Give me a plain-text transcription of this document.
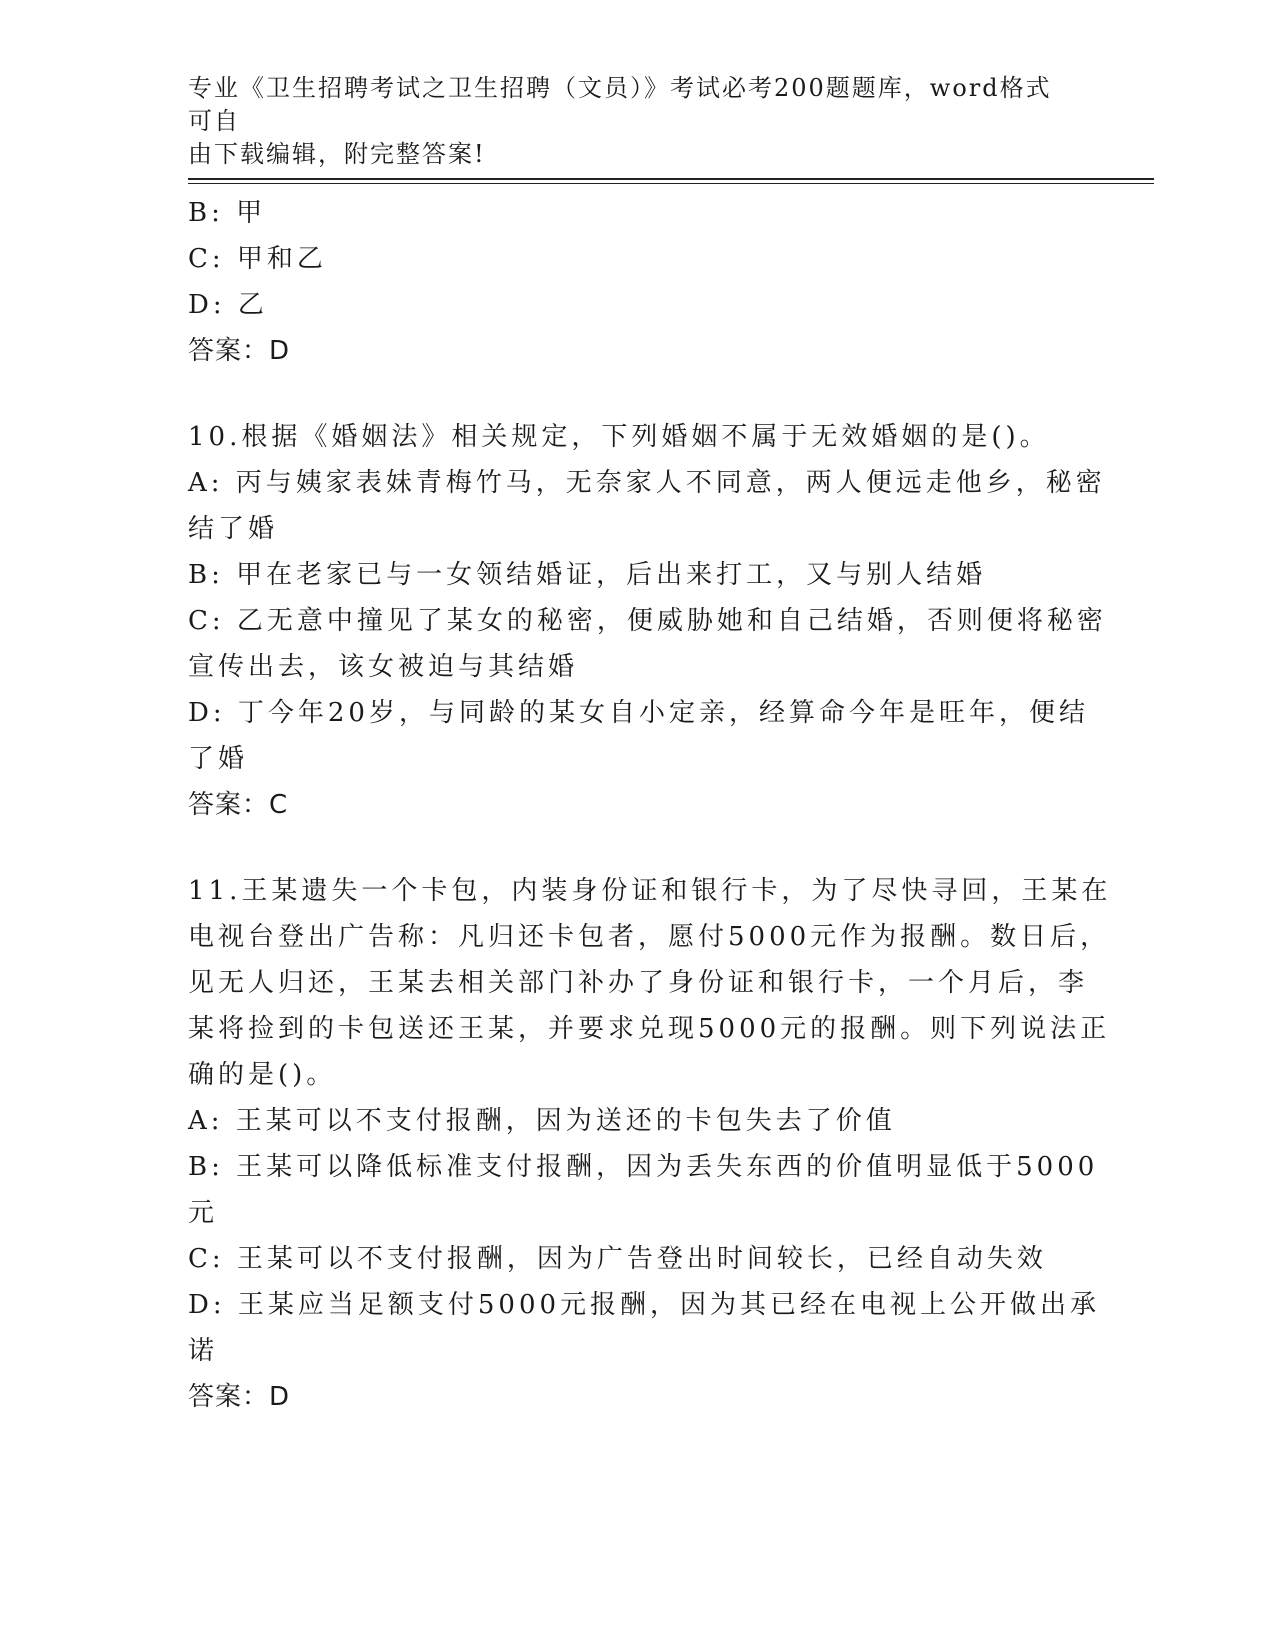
专业《卫生招聘考试之卫生招聘（文员）》考试必考200题题库，word格式可自
由下载编辑，附完整答案!
B: 甲
C: 甲和乙
D: 乙
答案：D
10.根据《婚姻法》相关规定，下列婚姻不属于无效婚姻的是()。
A: 丙与姨家表妹青梅竹马，无奈家人不同意，两人便远走他乡，秘密
结了婚
B: 甲在老家已与一女领结婚证，后出来打工，又与别人结婚
C: 乙无意中撞见了某女的秘密，便威胁她和自己结婚，否则便将秘密
宣传出去，该女被迫与其结婚
D: 丁今年20岁，与同龄的某女自小定亲，经算命今年是旺年，便结
了婚
答案：C
11.王某遗失一个卡包，内装身份证和银行卡，为了尽快寻回，王某在
电视台登出广告称：凡归还卡包者，愿付5000元作为报酬。数日后，
见无人归还，王某去相关部门补办了身份证和银行卡，一个月后，李
某将捡到的卡包送还王某，并要求兑现5000元的报酬。则下列说法正
确的是()。
A: 王某可以不支付报酬，因为送还的卡包失去了价值
B: 王某可以降低标准支付报酬，因为丢失东西的价值明显低于5000
元
C: 王某可以不支付报酬，因为广告登出时间较长，已经自动失效
D: 王某应当足额支付5000元报酬，因为其已经在电视上公开做出承
诺
答案：D
